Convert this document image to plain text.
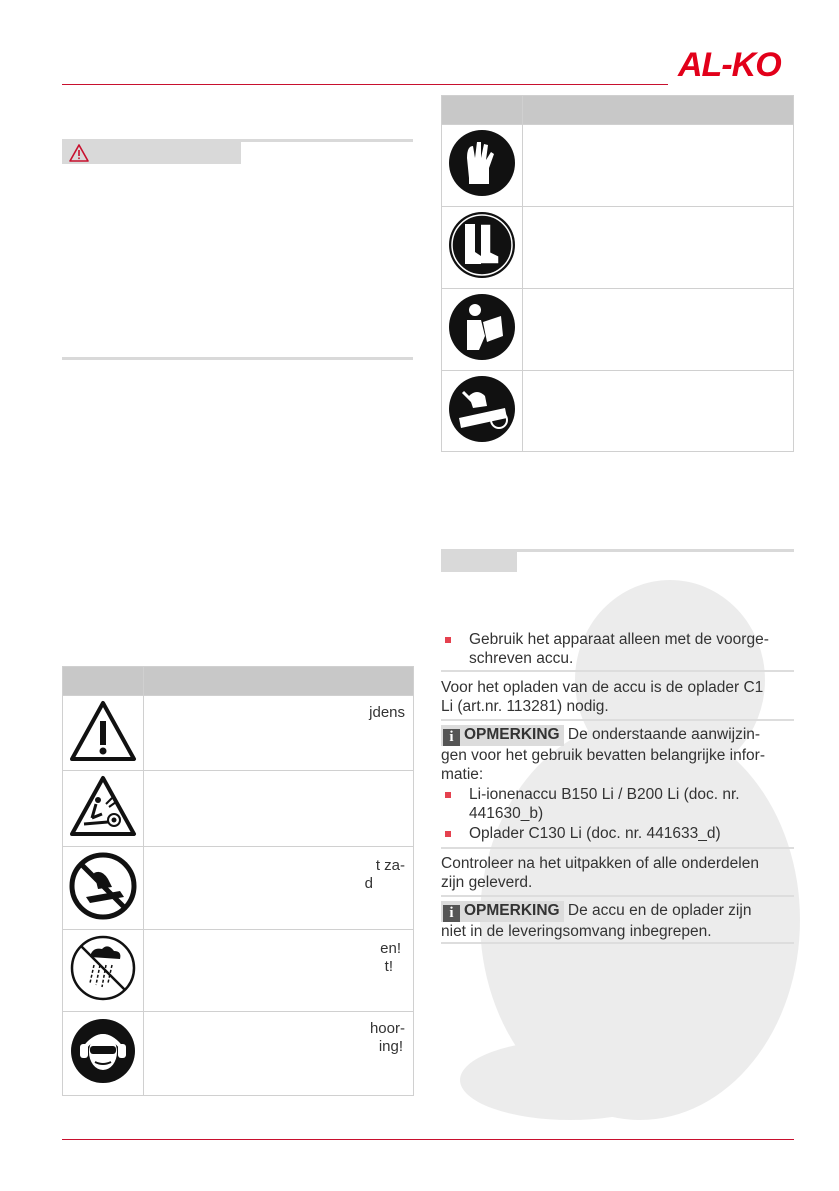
AL-KO

jdens

t za-
d

en!
t!

hoor-
ing!

Gebruik het apparaat alleen met de voorge-
schreven accu.
Voor het opladen van de accu is de oplader C1
Li (art.nr. 113281) nodig.
i OPMERKING De onderstaande aanwijzin-
gen voor het gebruik bevatten belangrijke infor-
matie:
Li-ionenaccu B150 Li / B200 Li (doc. nr.
441630_b)
Oplader C130 Li (doc. nr. 441633_d)
Controleer na het uitpakken of alle onderdelen
zijn geleverd.
i OPMERKING De accu en de oplader zijn
niet in de leveringsomvang inbegrepen.
